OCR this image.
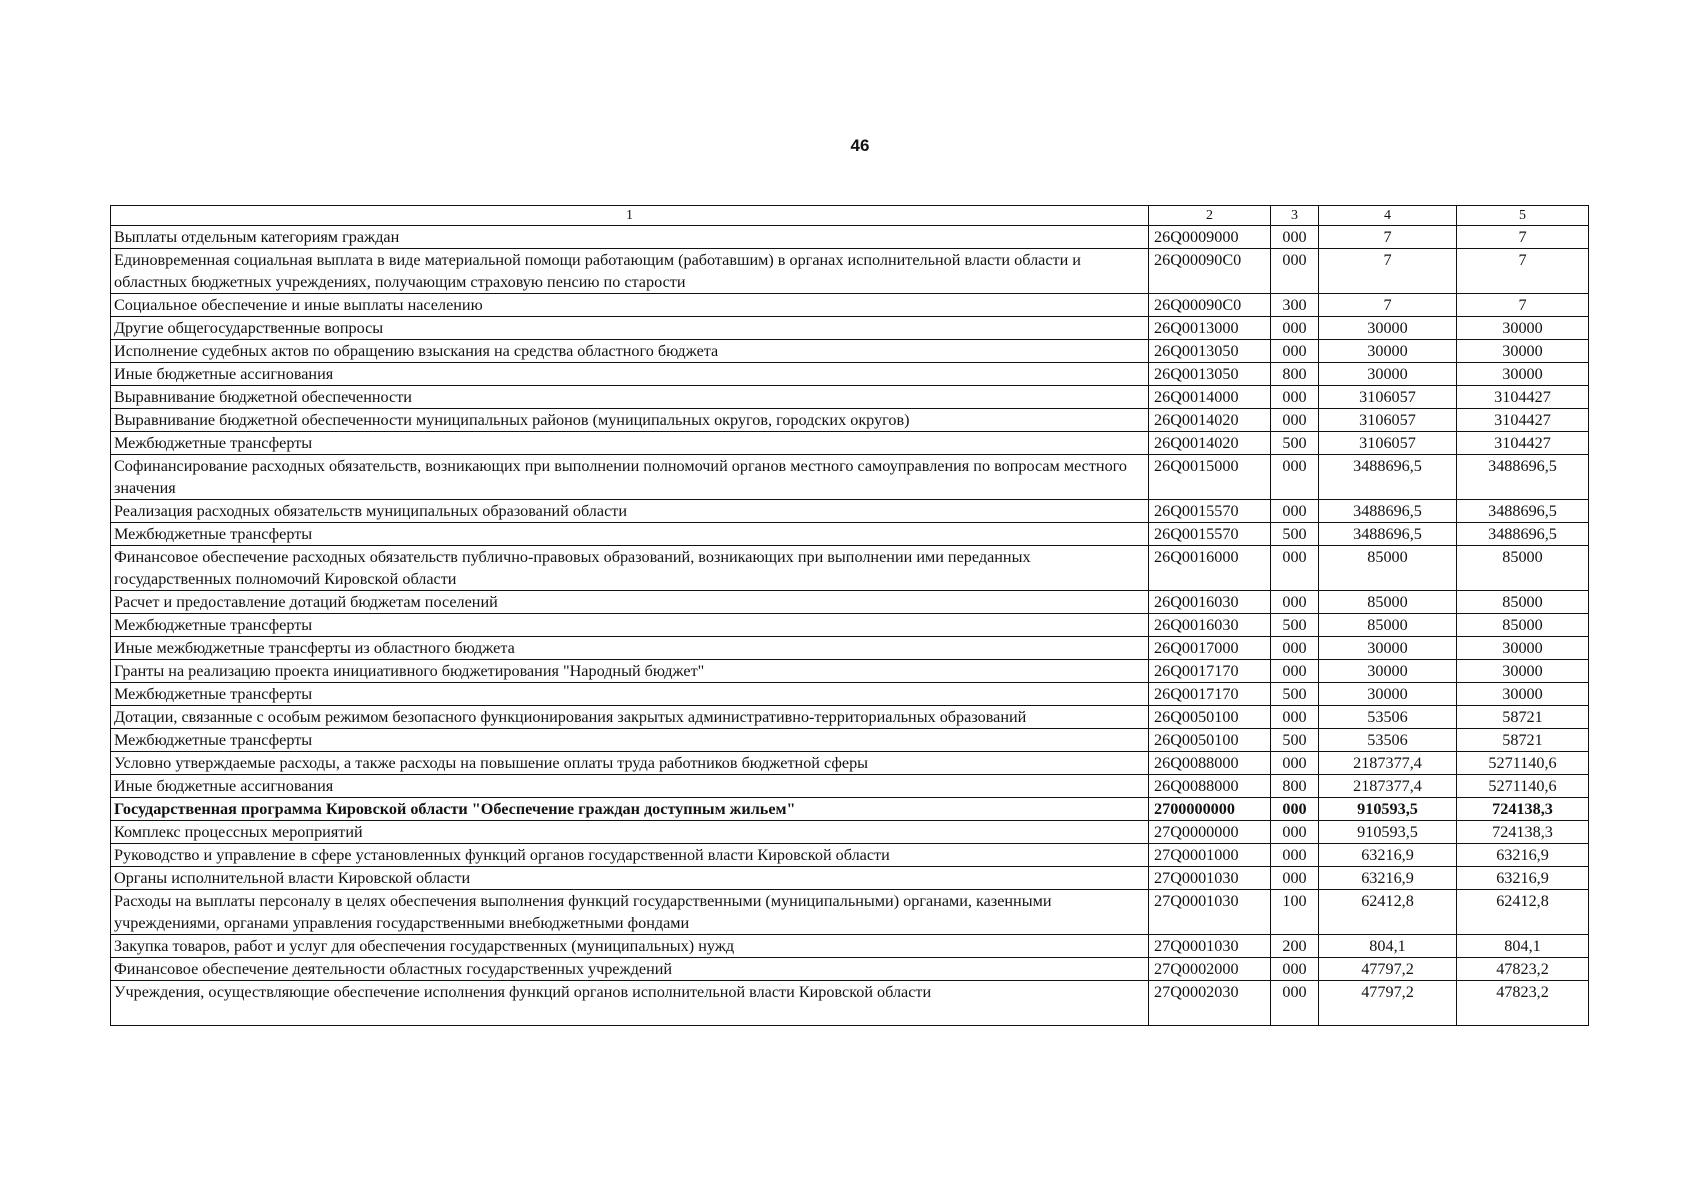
46
1	2	3	4	5
Выплаты отдельным категориям граждан	26Q0009000	000	7	7
Единовременная социальная выплата в виде материальной помощи работающим (работавшим) в органах исполнительной власти области и областных бюджетных учреждениях, получающим страховую пенсию по старости	26Q00090C0	000	7	7
Социальное обеспечение и иные выплаты населению	26Q00090C0	300	7	7
Другие общегосударственные вопросы	26Q0013000	000	30000	30000
Исполнение судебных актов по обращению взыскания на средства областного бюджета	26Q0013050	000	30000	30000
Иные бюджетные ассигнования	26Q0013050	800	30000	30000
Выравнивание бюджетной обеспеченности	26Q0014000	000	3106057	3104427
Выравнивание бюджетной обеспеченности муниципальных районов (муниципальных округов, городских округов)	26Q0014020	000	3106057	3104427
Межбюджетные трансферты	26Q0014020	500	3106057	3104427
Софинансирование расходных обязательств, возникающих при выполнении полномочий органов местного самоуправления по вопросам местного значения	26Q0015000	000	3488696,5	3488696,5
Реализация расходных обязательств муниципальных образований области	26Q0015570	000	3488696,5	3488696,5
Межбюджетные трансферты	26Q0015570	500	3488696,5	3488696,5
Финансовое обеспечение расходных обязательств публично-правовых образований, возникающих при выполнении ими переданных государственных полномочий Кировской области	26Q0016000	000	85000	85000
Расчет и предоставление дотаций бюджетам поселений	26Q0016030	000	85000	85000
Межбюджетные трансферты	26Q0016030	500	85000	85000
Иные межбюджетные трансферты из областного бюджета	26Q0017000	000	30000	30000
Гранты на реализацию проекта инициативного бюджетирования "Народный бюджет"	26Q0017170	000	30000	30000
Межбюджетные трансферты	26Q0017170	500	30000	30000
Дотации, связанные с особым режимом безопасного функционирования закрытых административно-территориальных образований	26Q0050100	000	53506	58721
Межбюджетные трансферты	26Q0050100	500	53506	58721
Условно утверждаемые расходы, а также расходы на повышение оплаты труда работников бюджетной сферы	26Q0088000	000	2187377,4	5271140,6
Иные бюджетные ассигнования	26Q0088000	800	2187377,4	5271140,6
Государственная программа Кировской области "Обеспечение граждан доступным жильем"	2700000000	000	910593,5	724138,3
Комплекс процессных мероприятий	27Q0000000	000	910593,5	724138,3
Руководство и управление в сфере установленных функций органов государственной власти Кировской области	27Q0001000	000	63216,9	63216,9
Органы исполнительной власти Кировской области	27Q0001030	000	63216,9	63216,9
Расходы на выплаты персоналу в целях обеспечения выполнения функций государственными (муниципальными) органами, казенными учреждениями, органами управления государственными внебюджетными фондами	27Q0001030	100	62412,8	62412,8
Закупка товаров, работ и услуг для обеспечения государственных (муниципальных) нужд	27Q0001030	200	804,1	804,1
Финансовое обеспечение деятельности областных государственных учреждений	27Q0002000	000	47797,2	47823,2
Учреждения, осуществляющие обеспечение исполнения функций органов исполнительной власти Кировской области	27Q0002030	000	47797,2	47823,2
